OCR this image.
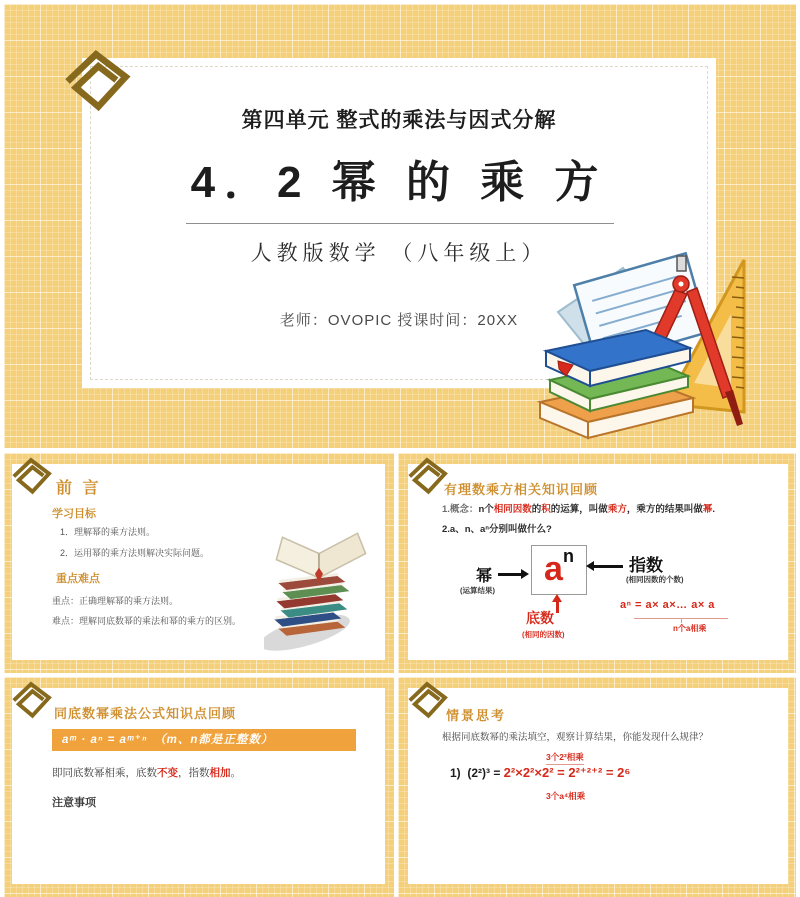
第四单元 整式的乘法与因式分解
4．2 幂 的 乘 方
人教版数学 （八年级上）
老师：OVOPIC 授课时间：20XX
前 言
学习目标
1．理解幂的乘方法则。
2．运用幂的乘方法则解决实际问题。
重点难点
重点：正确理解幂的乘方法则。
难点：理解同底数幂的乘法和幂的乘方的区别。
有理数乘方相关知识回顾

1.概念：n个相同因数的积的运算，叫做乘方，乘方的结果叫做幂.

2.a、n、aⁿ分别叫做什么?

幂	an
(运算结果)
指数
(相同因数的个数)
底数
(相同的因数)
aⁿ = a× a×… a× a
n个a相乘
同底数幂乘法公式知识点回顾
aᵐ · aⁿ = aᵐ⁺ⁿ　（m、n都是正整数）

即同底数幂相乘，底数不变，指数相加。

注意事项
情景思考
根据同底数幂的乘法填空，观察计算结果，你能发现什么规律？
3个2²相乘

1)  (2²)³ = 2²×2²×2² = 2²⁺²⁺² = 2⁶

3个a⁴相乘
